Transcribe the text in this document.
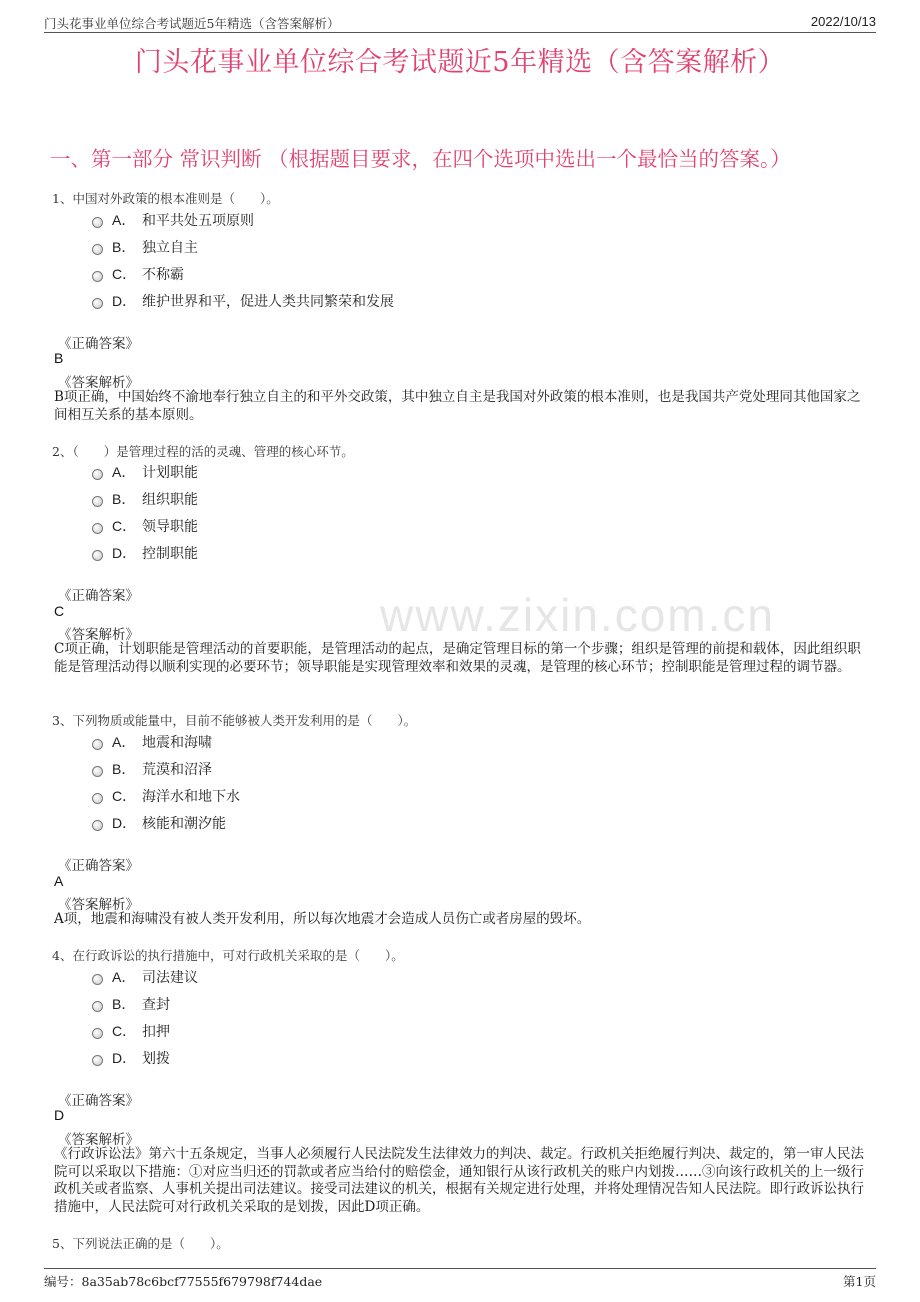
门头花事业单位综合考试题近5年精选（含答案解析）	2022/10/13
门头花事业单位综合考试题近5年精选（含答案解析）
一、第一部分 常识判断 （根据题目要求，在四个选项中选出一个最恰当的答案。）
www.zixin.com.cn
1、中国对外政策的根本准则是（　　）。
A． 和平共处五项原则
B． 独立自主
C． 不称霸
D． 维护世界和平，促进人类共同繁荣和发展
《正确答案》
B
《答案解析》
B项正确，中国始终不渝地奉行独立自主的和平外交政策，其中独立自主是我国对外政策的根本准则，也是我国共产党处理同其他国家之间相互关系的基本原则。
2、（　　）是管理过程的活的灵魂、管理的核心环节。
A． 计划职能
B． 组织职能
C． 领导职能
D． 控制职能
《正确答案》
C
《答案解析》
C项正确，计划职能是管理活动的首要职能，是管理活动的起点，是确定管理目标的第一个步骤；组织是管理的前提和载体，因此组织职能是管理活动得以顺利实现的必要环节；领导职能是实现管理效率和效果的灵魂，是管理的核心环节；控制职能是管理过程的调节器。
3、下列物质或能量中，目前不能够被人类开发利用的是（　　）。
A． 地震和海啸
B． 荒漠和沼泽
C． 海洋水和地下水
D． 核能和潮汐能
《正确答案》
A
《答案解析》
A项，地震和海啸没有被人类开发利用，所以每次地震才会造成人员伤亡或者房屋的毁坏。
4、在行政诉讼的执行措施中，可对行政机关采取的是（　　）。
A． 司法建议
B． 查封
C． 扣押
D． 划拨
《正确答案》
D
《答案解析》
《行政诉讼法》第六十五条规定，当事人必须履行人民法院发生法律效力的判决、裁定。行政机关拒绝履行判决、裁定的，第一审人民法院可以采取以下措施：①对应当归还的罚款或者应当给付的赔偿金，通知银行从该行政机关的账户内划拨……③向该行政机关的上一级行政机关或者监察、人事机关提出司法建议。接受司法建议的机关，根据有关规定进行处理，并将处理情况告知人民法院。即行政诉讼执行措施中，人民法院可对行政机关采取的是划拨，因此D项正确。
5、下列说法正确的是（　　）。
编号：8a35ab78c6bcf77555f679798f744dae	第1页
